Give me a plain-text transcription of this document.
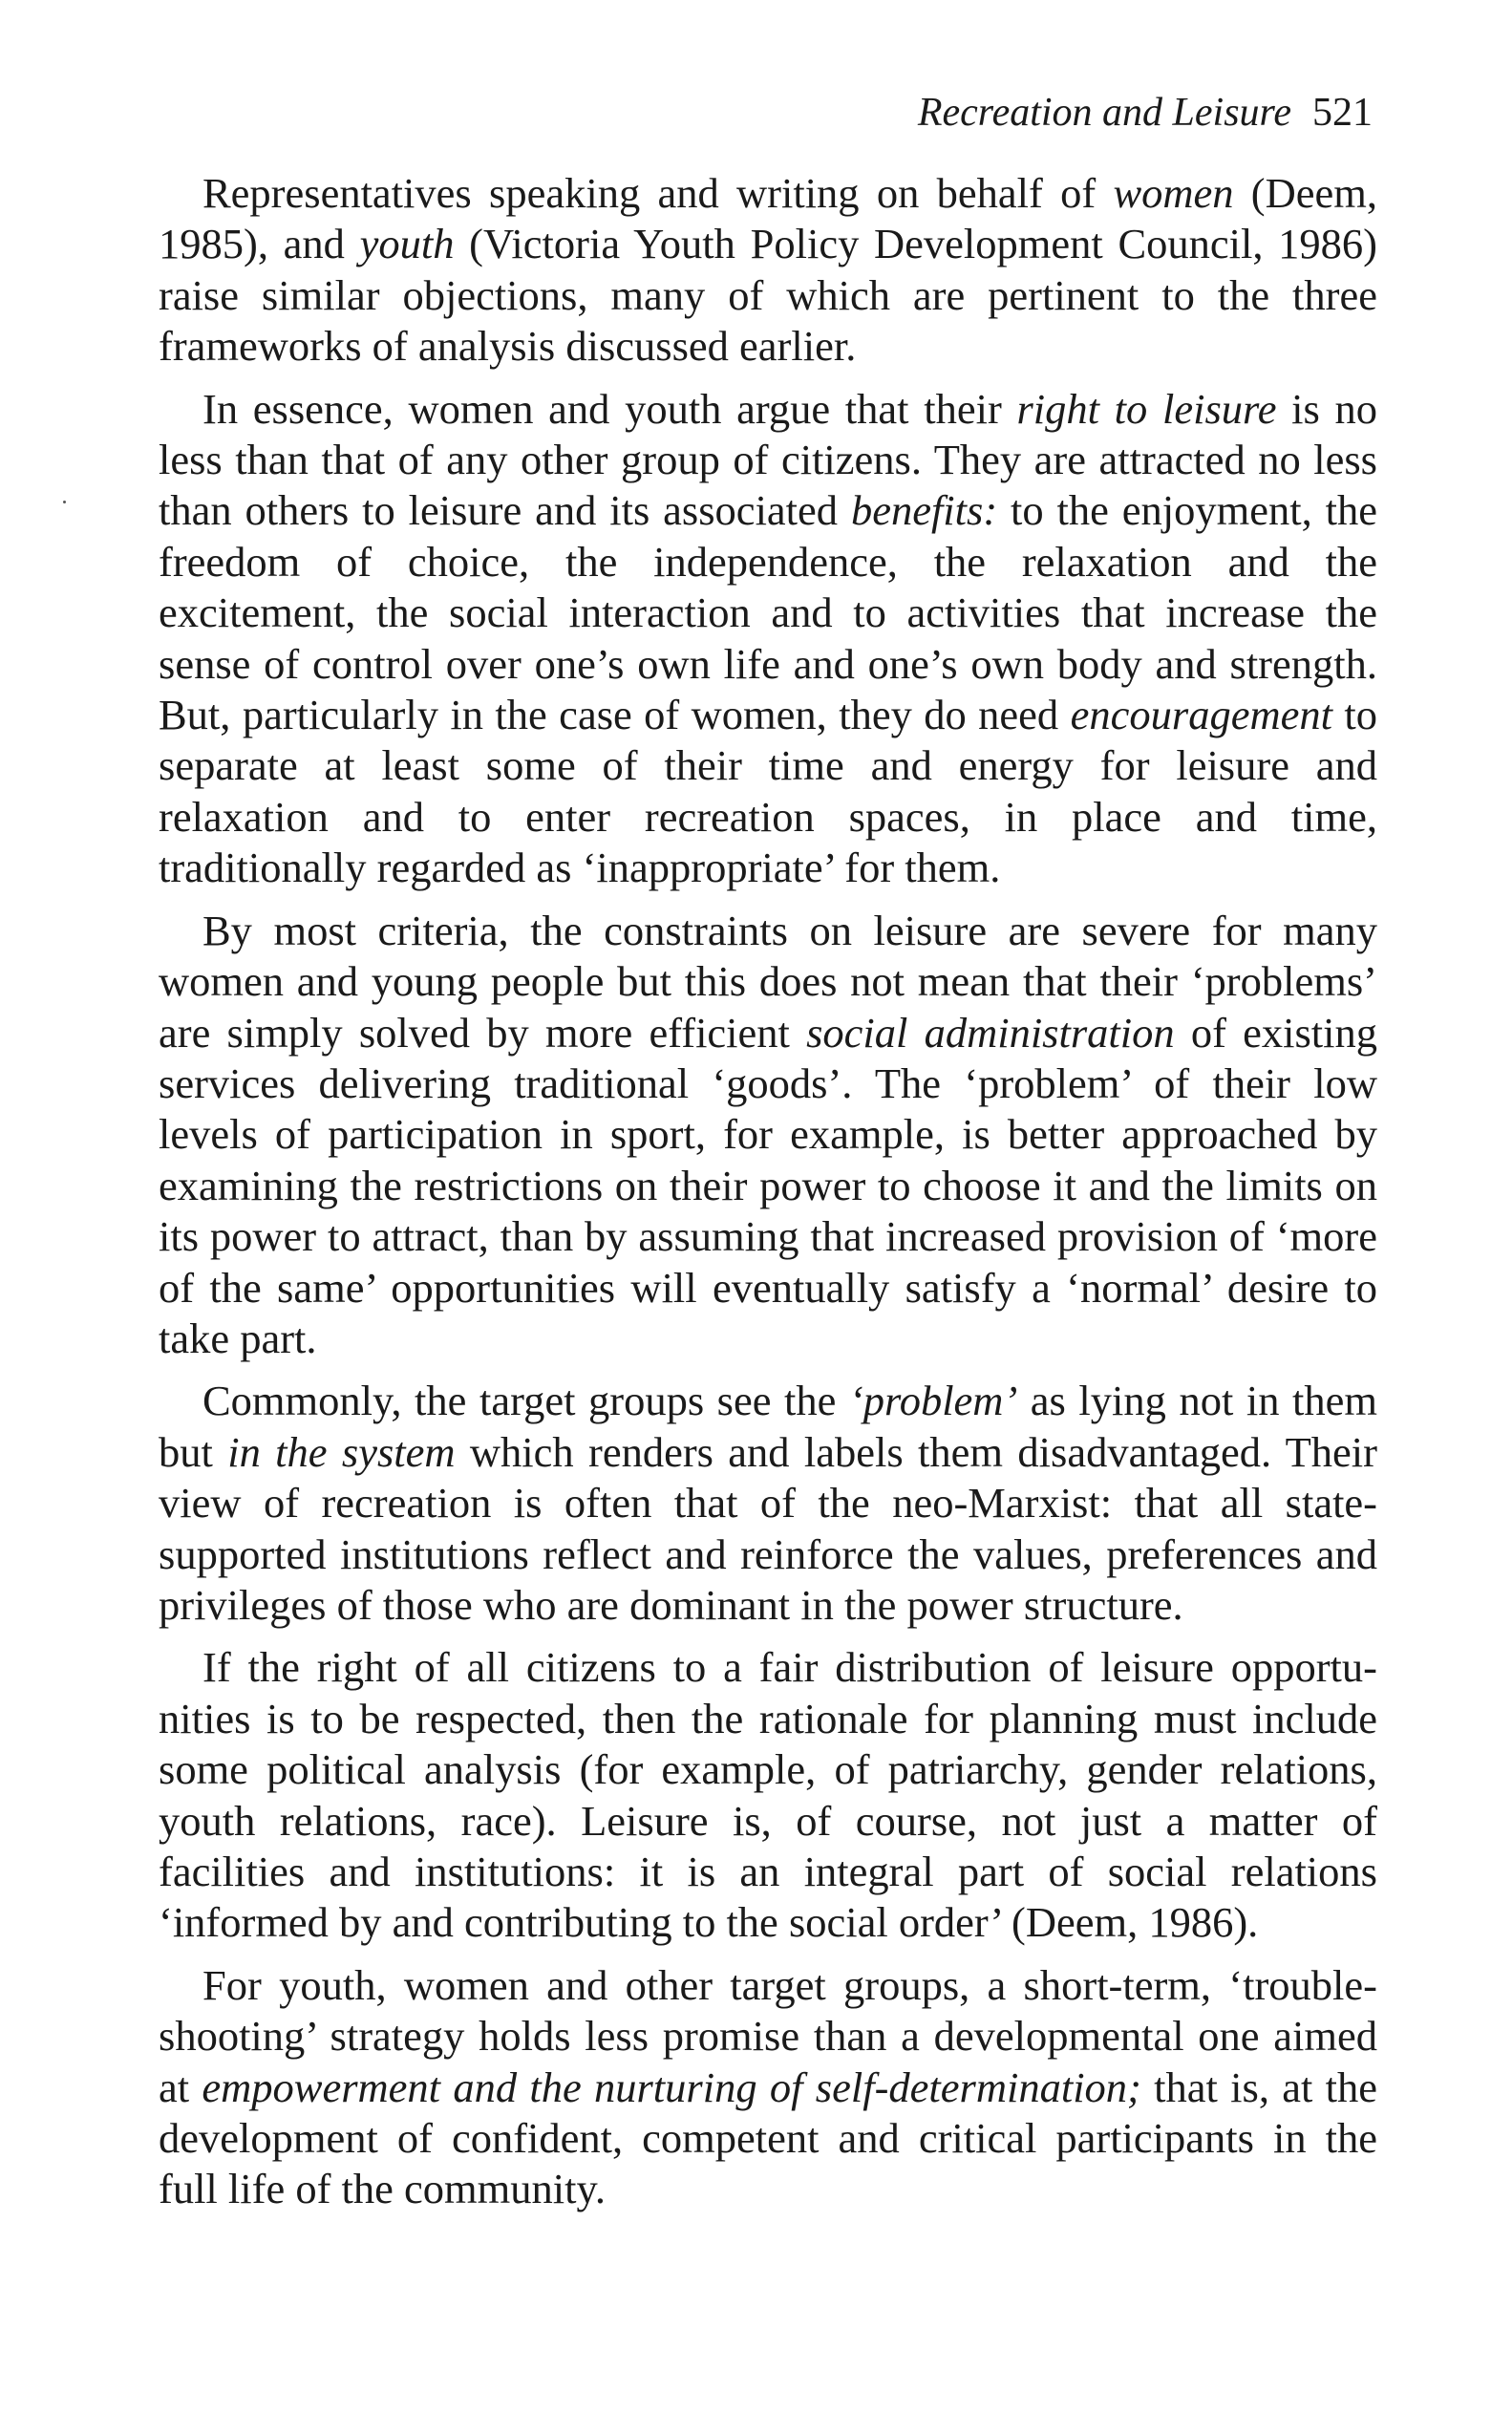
Recreation and Leisure 521

Representatives speaking and writing on behalf of women (Deem, 1985), and youth (Victoria Youth Policy Development Council, 1986) raise similar objections, many of which are pertinent to the three frameworks of analysis discussed earlier.

In essence, women and youth argue that their right to leisure is no less than that of any other group of citizens. They are attracted no less than others to leisure and its associated benefits: to the enjoyment, the freedom of choice, the independence, the relaxation and the excitement, the social interaction and to activities that increase the sense of control over one’s own life and one’s own body and strength. But, particularly in the case of women, they do need encouragement to separate at least some of their time and energy for leisure and relaxation and to enter recreation spaces, in place and time, traditionally regarded as ‘inappropriate’ for them.

By most criteria, the constraints on leisure are severe for many women and young people but this does not mean that their ‘problems’ are simply solved by more efficient social administration of existing services delivering traditional ‘goods’. The ‘problem’ of their low levels of participation in sport, for example, is better approached by examining the restrictions on their power to choose it and the limits on its power to attract, than by assuming that increased provision of ‘more of the same’ opportunities will eventually satisfy a ‘normal’ desire to take part.

Commonly, the target groups see the ‘problem’ as lying not in them but in the system which renders and labels them disadvantaged. Their view of recreation is often that of the neo-Marxist: that all state-supported institutions reflect and reinforce the values, preferences and privileges of those who are dominant in the power structure.

If the right of all citizens to a fair distribution of leisure opportunities is to be respected, then the rationale for planning must include some political analysis (for example, of patriarchy, gender relations, youth relations, race). Leisure is, of course, not just a matter of facilities and institutions: it is an integral part of social relations ‘informed by and contributing to the social order’ (Deem, 1986).

For youth, women and other target groups, a short-term, ‘trouble-shooting’ strategy holds less promise than a developmental one aimed at empowerment and the nurturing of self-determination; that is, at the development of confident, competent and critical participants in the full life of the community.
